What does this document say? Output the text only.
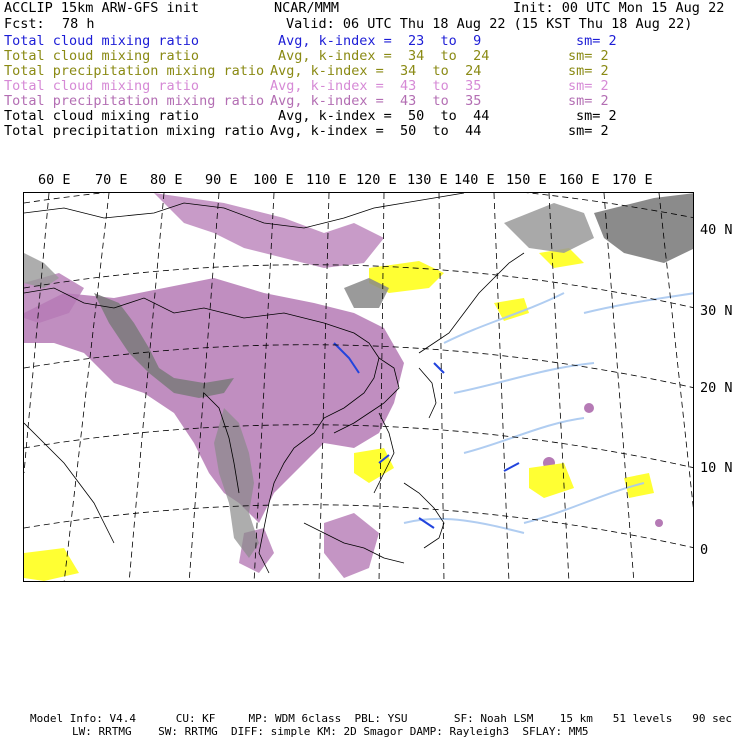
ACCLIP 15km ARW-GFS init	NCAR/MMM	Init: 00 UTC Mon 15 Aug 22
Fcst: 78 h	Valid: 06 UTC Thu 18 Aug 22 (15 KST Thu 18 Aug 22)
Total cloud mixing ratio	Avg, k-index =  23  to  9	sm= 2
Total cloud mixing ratio	Avg, k-index =  34  to  24	sm= 2
Total precipitation mixing ratio Avg, k-index =  34  to  24	sm= 2
Total cloud mixing ratio	Avg, k-index =  43  to  35	sm= 2
Total precipitation mixing ratio Avg, k-index =  43  to  35	sm= 2
Total cloud mixing ratio	Avg, k-index =  50  to  44	sm= 2
Total precipitation mixing ratio Avg, k-index =  50  to  44	sm= 2
60 E 70 E 80 E 90 E 100 E 110 E 120 E 130 E 140 E 150 E 160 E 170 E
40 N
30 N
20 N
10 N
0
Model Info: V4.4      CU: KF     MP: WDM 6class  PBL: YSU       SF: Noah LSM    15 km   51 levels   90 sec
LW: RRTMG    SW: RRTMG  DIFF: simple KM: 2D Smagor DAMP: Rayleigh3  SFLAY: MM5
